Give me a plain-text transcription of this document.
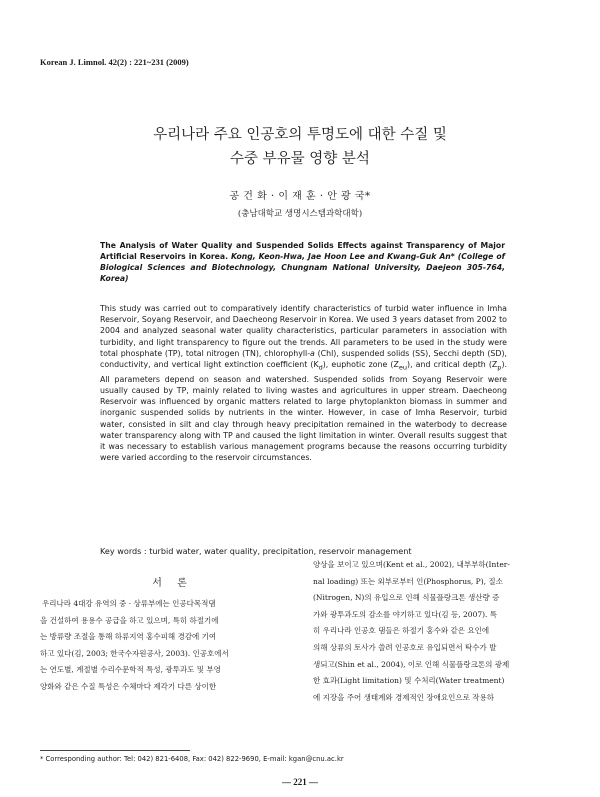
Korean J. Limnol. 42(2) : 221~231 (2009)
우리나라 주요 인공호의 투명도에 대한 수질 및
수중 부유물 영향 분석
공 건 화 · 이 재 훈 · 안 광 국*
(충남대학교 생명시스템과학대학)
The Analysis of Water Quality and Suspended Solids Effects against Transparency of Major Artificial Reservoirs in Korea. Kong, Keon-Hwa, Jae Hoon Lee and Kwang-Guk An* (College of Biological Sciences and Biotechnology, Chungnam National University, Daejeon 305-764, Korea)
This study was carried out to comparatively identify characteristics of turbid water influence in Imha Reservoir, Soyang Reservoir, and Daecheong Reservoir in Korea. We used 3 years dataset from 2002 to 2004 and analyzed seasonal water quality characteristics, particular parameters in association with turbidity, and light transparency to figure out the trends. All parameters to be used in the study were total phosphate (TP), total nitrogen (TN), chlorophyll-a (Chl), suspended solids (SS), Secchi depth (SD), conductivity, and vertical light extinction coefficient $(K_d)$, euphotic zone $(Z_{eu})$, and critical depth $(Z_p)$. All parameters depend on season and watershed. Suspended solids from Soyang Reservoir were usually caused by TP, mainly related to living wastes and agricultures in upper stream. Daecheong Reservoir was influenced by organic matters related to large phytoplankton biomass in summer and inorganic suspended solids by nutrients in the winter. However, in case of Imha Reservoir, turbid water, consisted in silt and clay through heavy precipitation remained in the waterbody to decrease water transparency along with TP and caused the light limitation in winter. Overall results suggest that it was necessary to establish various management programs because the reasons occurring turbidity were varied according to the reservoir circumstances.
Key words : turbid water, water quality, precipitation, reservoir management
서 론
우리나라 4대강 유역의 중 · 상류부에는 인공다목적댐
을 건설하여 용용수 공급을 하고 있으며, 특히 하절기에
는 방류량 조절을 통해 하류지역 홍수피해 경감에 기여
하고 있다(김, 2003; 한국수자원공사, 2003). 인공호에서
는 연도별, 계절별 수리수문학적 특성, 광투과도 및 부영
양화와 같은 수질 특성은 수체마다 제각기 다른 상이한
양상을 보이고 있으며(Kent et al., 2002), 내부부하(Inter-
nal loading) 또는 외부로부터 인(Phosphorus, P), 질소
(Nitrogen, N)의 유입으로 인해 식물플랑크톤 생산량 증
가와 광투과도의 감소를 야기하고 있다(김 등, 2007). 특
히 우리나라 인공호 댐들은 하절기 홍수와 같은 요인에
의해 상류의 토사가 쓸려 인공호로 유입되면서 탁수가 발
생되고(Shin et al., 2004), 이로 인해 식물플랑크톤의 광제
한 효과(Light limitation) 및 수처리(Water treatment)
에 지장을 주어 생태계와 경제적인 장애요인으로 작용하
* Corresponding author: Tel: 042) 821-6408, Fax: 042) 822-9690, E-mail: kgan@cnu.ac.kr
— 221 —
